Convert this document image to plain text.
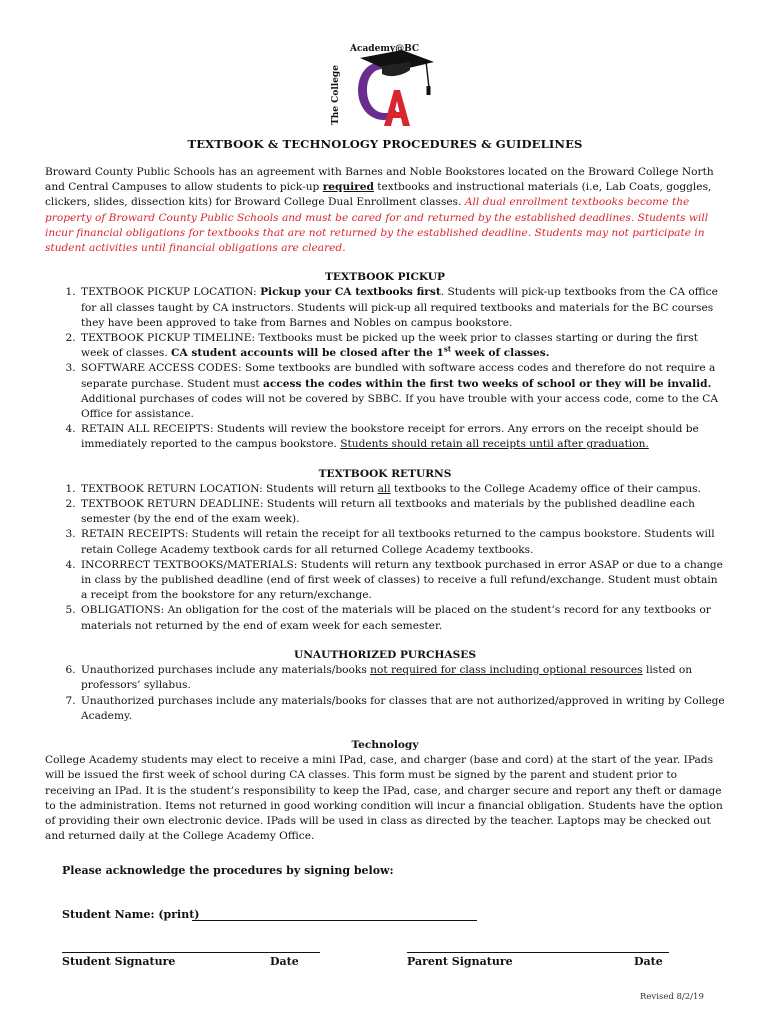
Academy@BC
The College
TEXTBOOK & TECHNOLOGY PROCEDURES & GUIDELINES

Broward County Public Schools has an agreement with Barnes and Noble Bookstores located on the Broward College North and Central Campuses to allow students to pick-up required textbooks and instructional materials (i.e, Lab Coats, goggles, clickers, slides, dissection kits) for Broward College Dual Enrollment classes. All dual enrollment textbooks become the property of Broward County Public Schools and must be cared for and returned by the established deadlines. Students will incur financial obligations for textbooks that are not returned by the established deadline. Students may not participate in student activities until financial obligations are cleared.

TEXTBOOK PICKUP
1. TEXTBOOK PICKUP LOCATION: Pickup your CA textbooks first. Students will pick-up textbooks from the CA office for all classes taught by CA instructors. Students will pick-up all required textbooks and materials for the BC courses they have been approved to take from Barnes and Nobles on campus bookstore.
2. TEXTBOOK PICKUP TIMELINE: Textbooks must be picked up the week prior to classes starting or during the first week of classes. CA student accounts will be closed after the 1st week of classes.
3. SOFTWARE ACCESS CODES: Some textbooks are bundled with software access codes and therefore do not require a separate purchase. Student must access the codes within the first two weeks of school or they will be invalid. Additional purchases of codes will not be covered by SBBC. If you have trouble with your access code, come to the CA Office for assistance.
4. RETAIN ALL RECEIPTS: Students will review the bookstore receipt for errors. Any errors on the receipt should be immediately reported to the campus bookstore. Students should retain all receipts until after graduation.
TEXTBOOK RETURNS
1. TEXTBOOK RETURN LOCATION: Students will return all textbooks to the College Academy office of their campus.
2. TEXTBOOK RETURN DEADLINE: Students will return all textbooks and materials by the published deadline each semester (by the end of the exam week).
3. RETAIN RECEIPTS: Students will retain the receipt for all textbooks returned to the campus bookstore. Students will retain College Academy textbook cards for all returned College Academy textbooks.
4. INCORRECT TEXTBOOKS/MATERIALS: Students will return any textbook purchased in error ASAP or due to a change in class by the published deadline (end of first week of classes) to receive a full refund/exchange. Student must obtain a receipt from the bookstore for any return/exchange.
5. OBLIGATIONS: An obligation for the cost of the materials will be placed on the student’s record for any textbooks or materials not returned by the end of exam week for each semester.
UNAUTHORIZED PURCHASES
6. Unauthorized purchases include any materials/books not required for class including optional resources listed on professors’ syllabus.
7. Unauthorized purchases include any materials/books for classes that are not authorized/approved in writing by College Academy.
Technology

College Academy students may elect to receive a mini IPad, case, and charger (base and cord) at the start of the year. IPads will be issued the first week of school during CA classes. This form must be signed by the parent and student prior to receiving an IPad. It is the student’s responsibility to keep the IPad, case, and charger secure and report any theft or damage to the administration. Items not returned in good working condition will incur a financial obligation. Students have the option of providing their own electronic device. IPads will be used in class as directed by the teacher. Laptops may be checked out and returned daily at the College Academy Office.

Please acknowledge the procedures by signing below:
Student Name: (print)
Student Signature	Date	Parent Signature	Date
Revised 8/2/19
